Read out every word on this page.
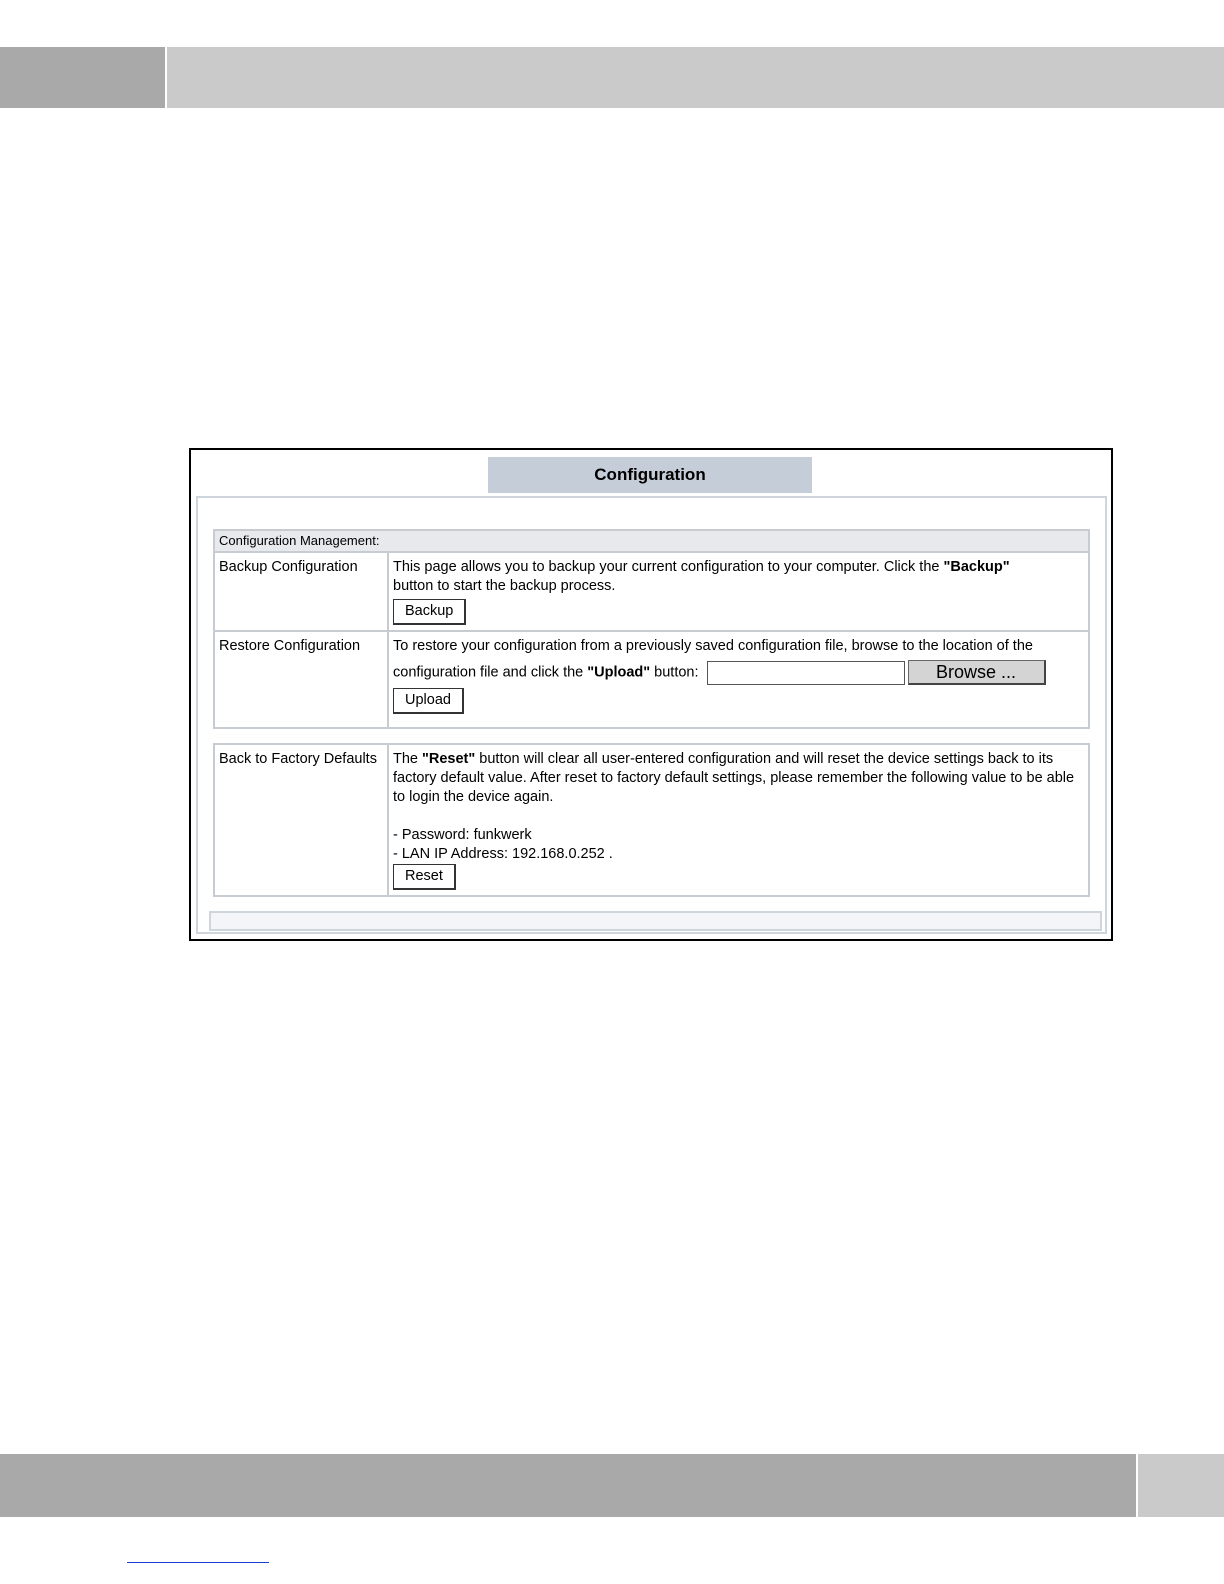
Configuration
Configuration Management:	
Backup Configuration	This page allows you to backup your current configuration to your computer. Click the "Backup"
button to start the backup process.
Backup
Restore Configuration	To restore your configuration from a previously saved configuration file, browse to the location of the

configuration file and click the "Upload" button: Browse ...
Upload
Back to Factory Defaults	The "Reset" button will clear all user-entered configuration and will reset the device settings back to its factory default value. After reset to factory default settings, please remember the following value to be able to login the device again.
- Password: funkwerk
- LAN IP Address: 192.168.0.252 .
Reset
